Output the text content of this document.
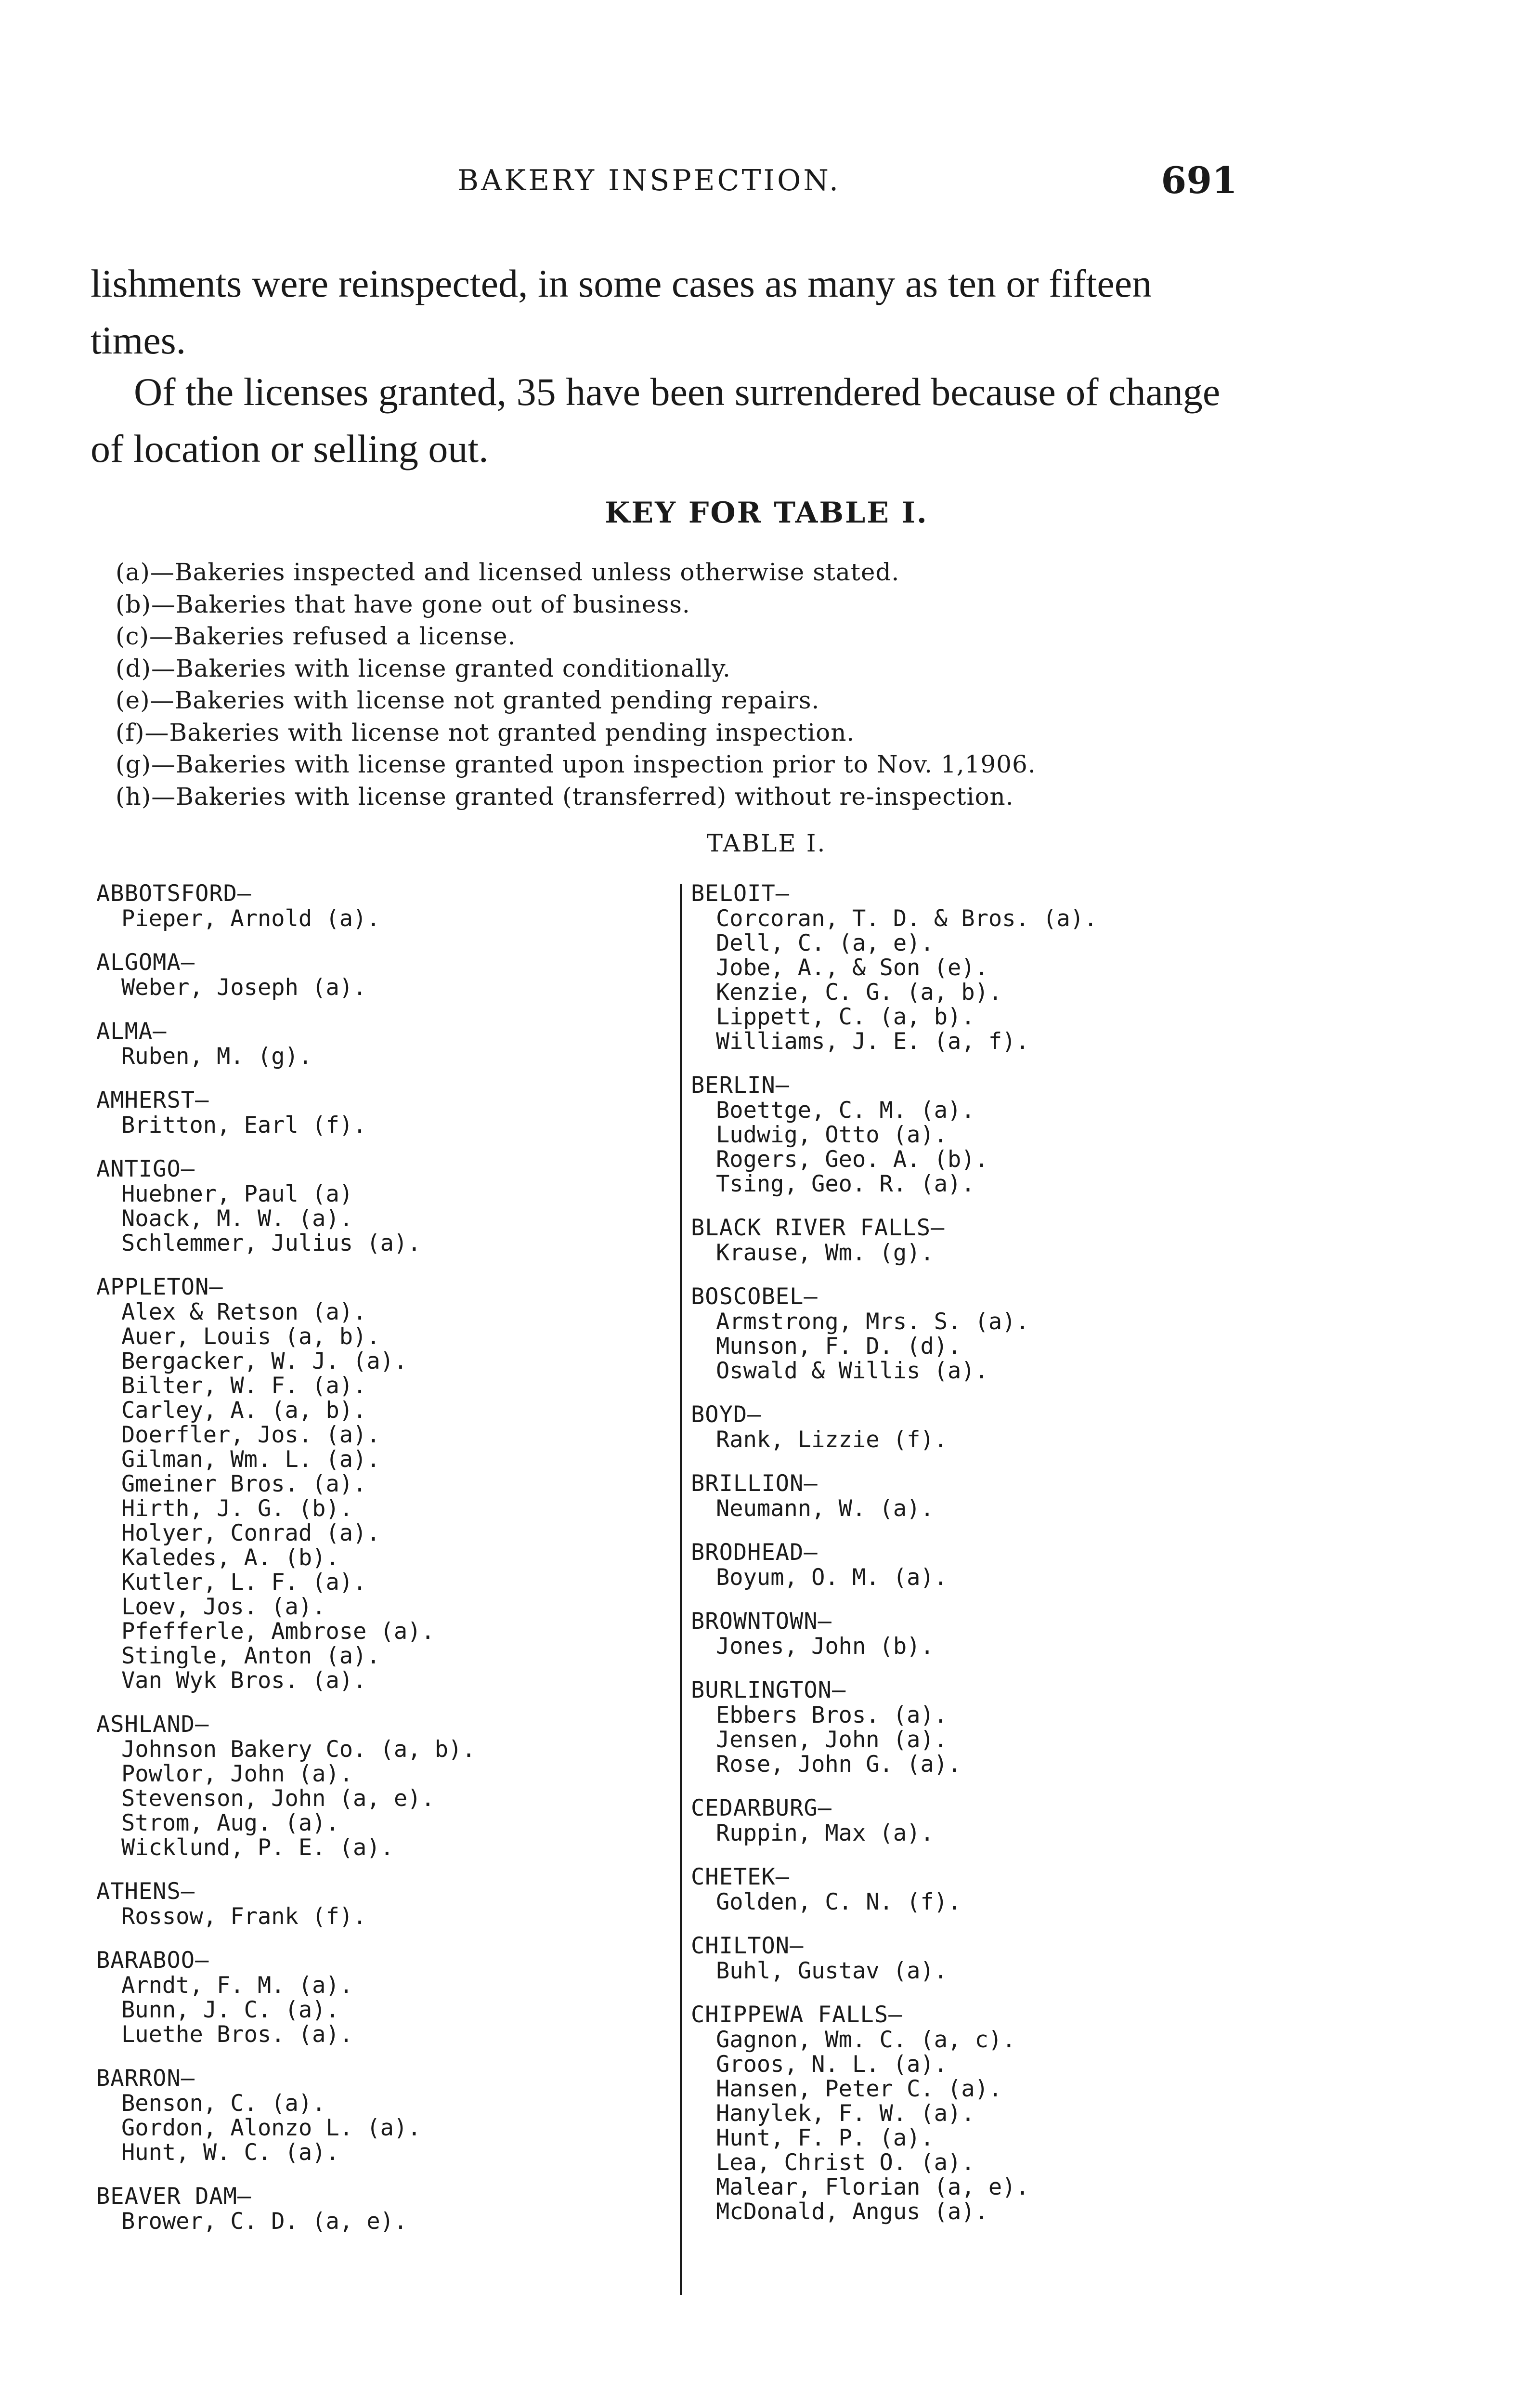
BAKERY INSPECTION.	691

lishments were reinspected, in some cases as many as ten or fifteen times.

Of the licenses granted, 35 have been surrendered because of change of location or selling out.

KEY FOR TABLE I.
(a)—Bakeries inspected and licensed unless otherwise stated.
(b)—Bakeries that have gone out of business.
(c)—Bakeries refused a license.
(d)—Bakeries with license granted conditionally.
(e)—Bakeries with license not granted pending repairs.
(f)—Bakeries with license not granted pending inspection.
(g)—Bakeries with license granted upon inspection prior to Nov. 1,1906.
(h)—Bakeries with license granted (transferred) without re-inspection.
TABLE I.
ABBOTSFORD—
Pieper, Arnold (a).
ALGOMA—
Weber, Joseph (a).
ALMA—
Ruben, M. (g).
AMHERST—
Britton, Earl (f).
ANTIGO—
Huebner, Paul (a)
Noack, M. W. (a).
Schlemmer, Julius (a).
APPLETON—
Alex & Retson (a).
Auer, Louis (a, b).
Bergacker, W. J. (a).
Bilter, W. F. (a).
Carley, A. (a, b).
Doerfler, Jos. (a).
Gilman, Wm. L. (a).
Gmeiner Bros. (a).
Hirth, J. G. (b).
Holyer, Conrad (a).
Kaledes, A. (b).
Kutler, L. F. (a).
Loev, Jos. (a).
Pfefferle, Ambrose (a).
Stingle, Anton (a).
Van Wyk Bros. (a).
ASHLAND—
Johnson Bakery Co. (a, b).
Powlor, John (a).
Stevenson, John (a, e).
Strom, Aug. (a).
Wicklund, P. E. (a).
ATHENS—
Rossow, Frank (f).
BARABOO—
Arndt, F. M. (a).
Bunn, J. C. (a).
Luethe Bros. (a).
BARRON—
Benson, C. (a).
Gordon, Alonzo L. (a).
Hunt, W. C. (a).
BEAVER DAM—
Brower, C. D. (a, e).
BELOIT—
Corcoran, T. D. & Bros. (a).
Dell, C. (a, e).
Jobe, A., & Son (e).
Kenzie, C. G. (a, b).
Lippett, C. (a, b).
Williams, J. E. (a, f).
BERLIN—
Boettge, C. M. (a).
Ludwig, Otto (a).
Rogers, Geo. A. (b).
Tsing, Geo. R. (a).
BLACK RIVER FALLS—
Krause, Wm. (g).
BOSCOBEL—
Armstrong, Mrs. S. (a).
Munson, F. D. (d).
Oswald & Willis (a).
BOYD—
Rank, Lizzie (f).
BRILLION—
Neumann, W. (a).
BRODHEAD—
Boyum, O. M. (a).
BROWNTOWN—
Jones, John (b).
BURLINGTON—
Ebbers Bros. (a).
Jensen, John (a).
Rose, John G. (a).
CEDARBURG—
Ruppin, Max (a).
CHETEK—
Golden, C. N. (f).
CHILTON—
Buhl, Gustav (a).
CHIPPEWA FALLS—
Gagnon, Wm. C. (a, c).
Groos, N. L. (a).
Hansen, Peter C. (a).
Hanylek, F. W. (a).
Hunt, F. P. (a).
Lea, Christ O. (a).
Malear, Florian (a, e).
McDonald, Angus (a).
